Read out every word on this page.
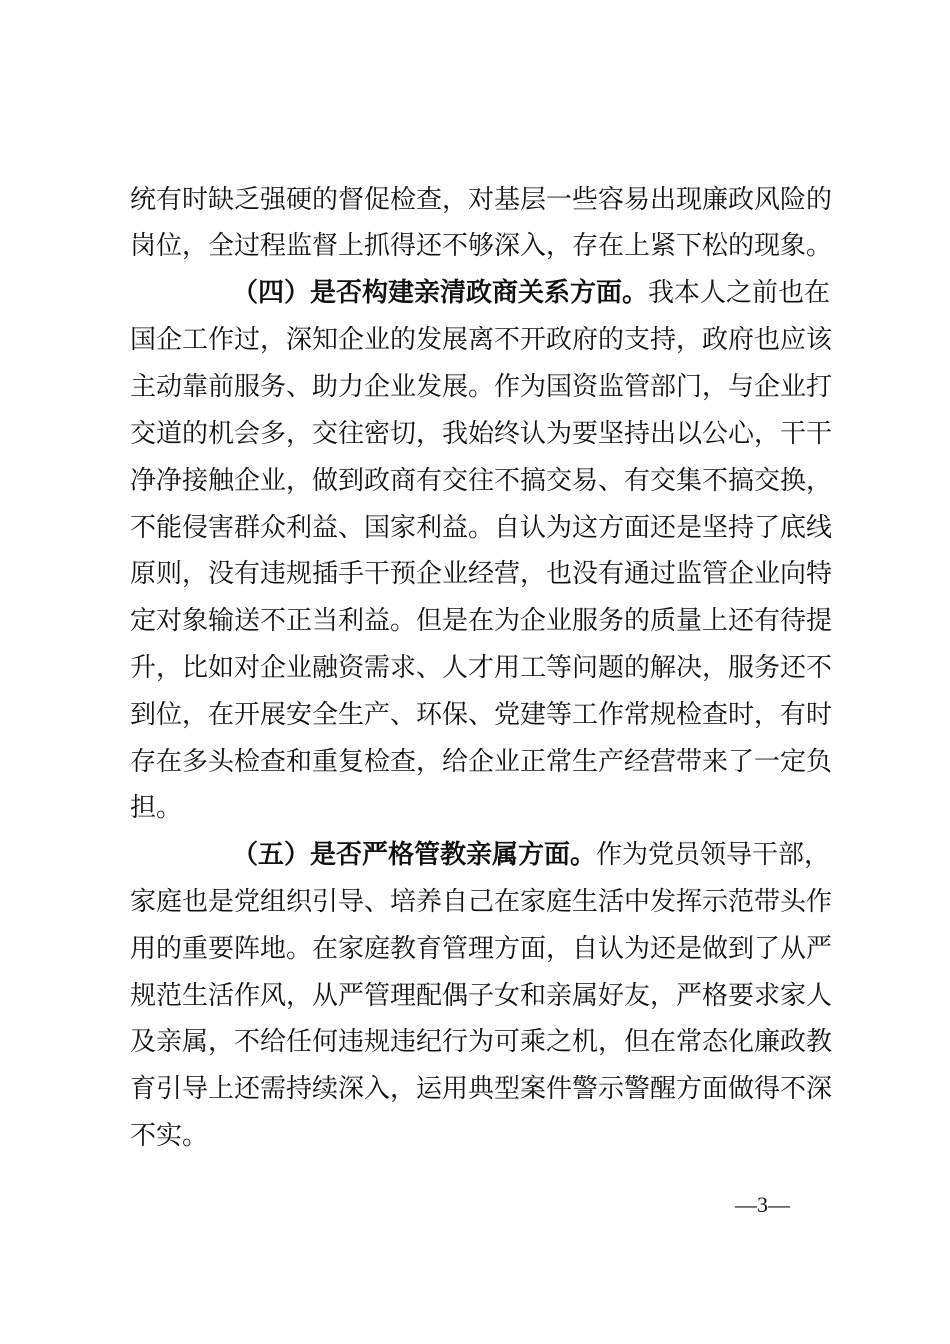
统有时缺乏强硬的督促检查，对基层一些容易出现廉政风险的
岗位，全过程监督上抓得还不够深入，存在上紧下松的现象。
（四）是否构建亲清政商关系方面。我本人之前也在
国企工作过，深知企业的发展离不开政府的支持，政府也应该
主动靠前服务、助力企业发展。作为国资监管部门，与企业打
交道的机会多，交往密切，我始终认为要坚持出以公心，干干
净净接触企业，做到政商有交往不搞交易、有交集不搞交换，
不能侵害群众利益、国家利益。自认为这方面还是坚持了底线
原则，没有违规插手干预企业经营，也没有通过监管企业向特
定对象输送不正当利益。但是在为企业服务的质量上还有待提
升，比如对企业融资需求、人才用工等问题的解决，服务还不
到位，在开展安全生产、环保、党建等工作常规检查时，有时
存在多头检查和重复检查，给企业正常生产经营带来了一定负
担。
（五）是否严格管教亲属方面。作为党员领导干部，
家庭也是党组织引导、培养自己在家庭生活中发挥示范带头作
用的重要阵地。在家庭教育管理方面，自认为还是做到了从严
规范生活作风，从严管理配偶子女和亲属好友，严格要求家人
及亲属，不给任何违规违纪行为可乘之机，但在常态化廉政教
育引导上还需持续深入，运用典型案件警示警醒方面做得不深
不实。
—3—
